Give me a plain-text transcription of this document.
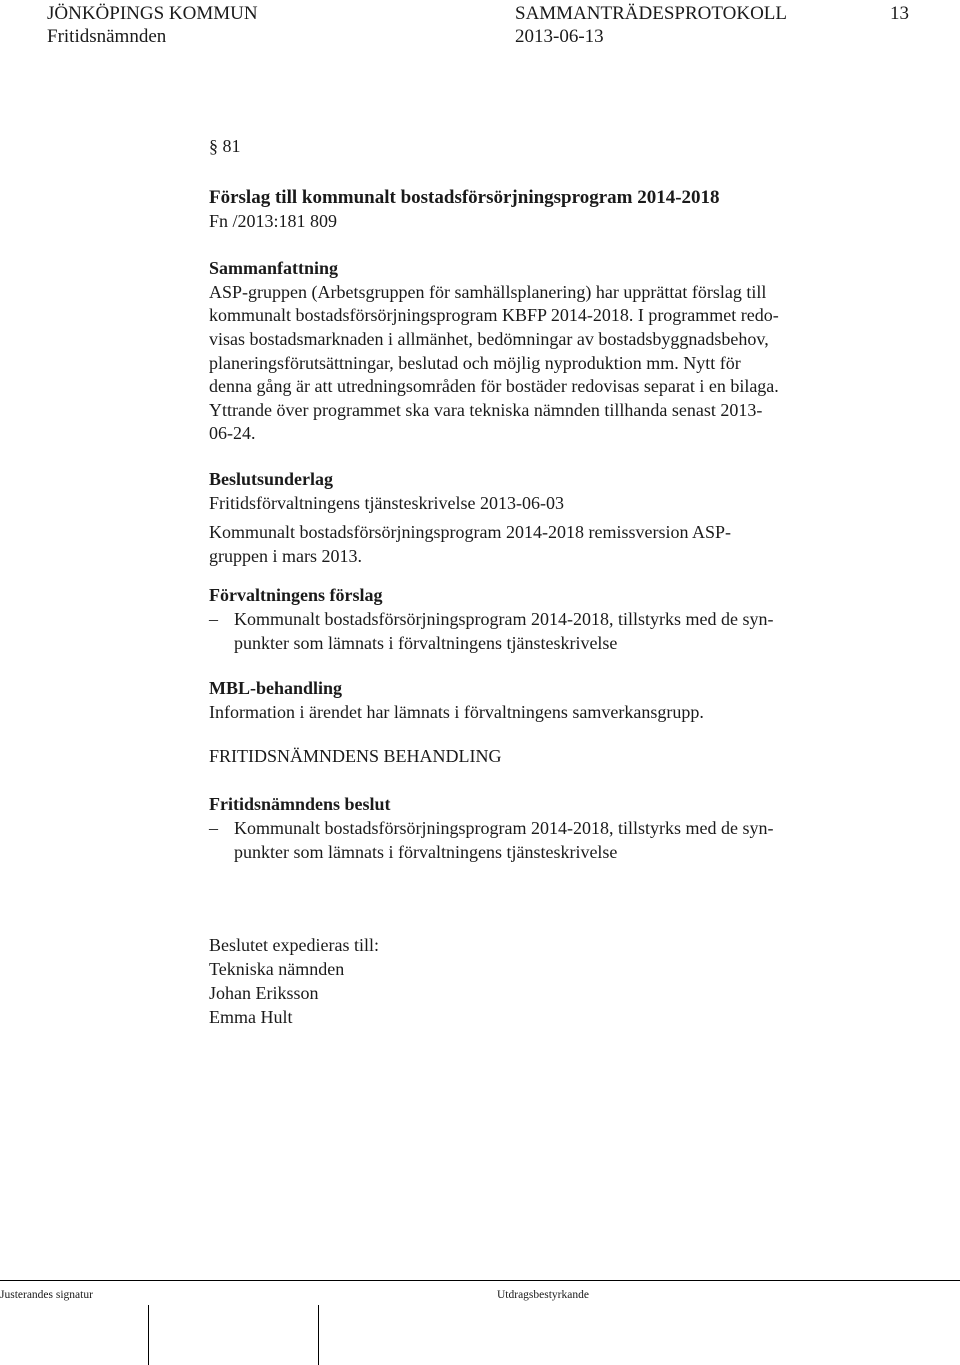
JÖNKÖPINGS KOMMUN	SAMMANTRÄDESPROTOKOLL	13
Fritidsnämnden	2013-06-13
§ 81
Förslag till kommunalt bostadsförsörjningsprogram 2014-2018
Fn /2013:181 809
Sammanfattning
ASP-gruppen (Arbetsgruppen för samhällsplanering) har upprättat förslag till
kommunalt bostadsförsörjningsprogram KBFP 2014-2018. I programmet redo-
visas bostadsmarknaden i allmänhet, bedömningar av bostadsbyggnadsbehov,
planeringsförutsättningar, beslutad och möjlig nyproduktion mm. Nytt för
denna gång är att utredningsområden för bostäder redovisas separat i en bilaga.
Yttrande över programmet ska vara tekniska nämnden tillhanda senast 2013-
06-24.
Beslutsunderlag
Fritidsförvaltningens tjänsteskrivelse 2013-06-03
Kommunalt bostadsförsörjningsprogram 2014-2018 remissversion ASP-
gruppen i mars 2013.
Förvaltningens förslag
– Kommunalt bostadsförsörjningsprogram 2014-2018, tillstyrks med de syn-
punkter som lämnats i förvaltningens tjänsteskrivelse
MBL-behandling
Information i ärendet har lämnats i förvaltningens samverkansgrupp.
FRITIDSNÄMNDENS BEHANDLING
Fritidsnämndens beslut
– Kommunalt bostadsförsörjningsprogram 2014-2018, tillstyrks med de syn-
punkter som lämnats i förvaltningens tjänsteskrivelse
Beslutet expedieras till:
Tekniska nämnden
Johan Eriksson
Emma Hult
Justerandes signatur	Utdragsbestyrkande
